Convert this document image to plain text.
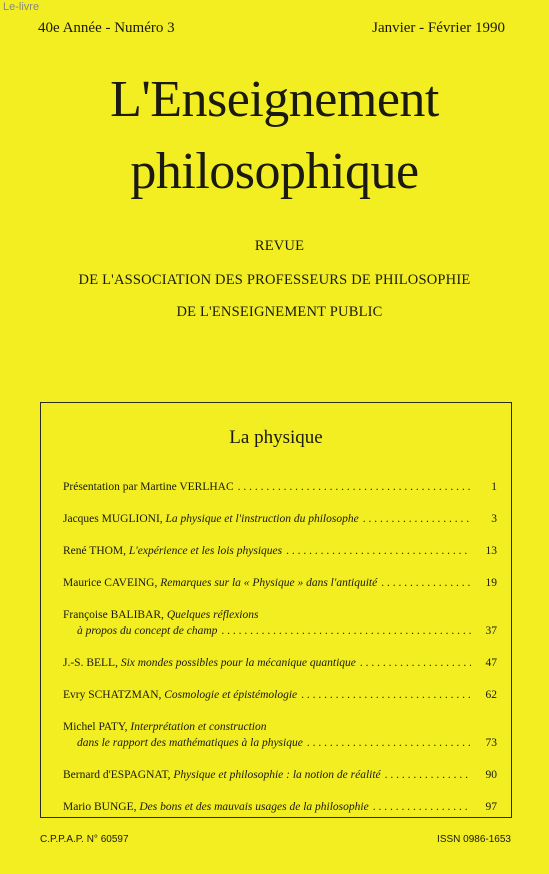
Le-livre
40e Année - Numéro 3	Janvier - Février 1990
L'Enseignement
philosophique
REVUE
DE L'ASSOCIATION DES PROFESSEURS DE PHILOSOPHIE
DE L'ENSEIGNEMENT PUBLIC
La physique
Présentation par Martine VERLHAC . . .	1
Jacques MUGLIONI, La physique et l'instruction du philosophe . . .	3
René THOM, L'expérience et les lois physiques . . .	13
Maurice CAVEING, Remarques sur la « Physique » dans l'antiquité . . .	19
Françoise BALIBAR, Quelques réflexions
à propos du concept de champ . . .	37
J.-S. BELL, Six mondes possibles pour la mécanique quantique . . .	47
Evry SCHATZMAN, Cosmologie et épistémologie . . .	62
Michel PATY, Interprétation et construction
dans le rapport des mathématiques à la physique . . .	73
Bernard d'ESPAGNAT, Physique et philosophie : la notion de réalité . . .	90
Mario BUNGE, Des bons et des mauvais usages de la philosophie . . .	97
C.P.P.A.P. N° 60597	ISSN 0986-1653
